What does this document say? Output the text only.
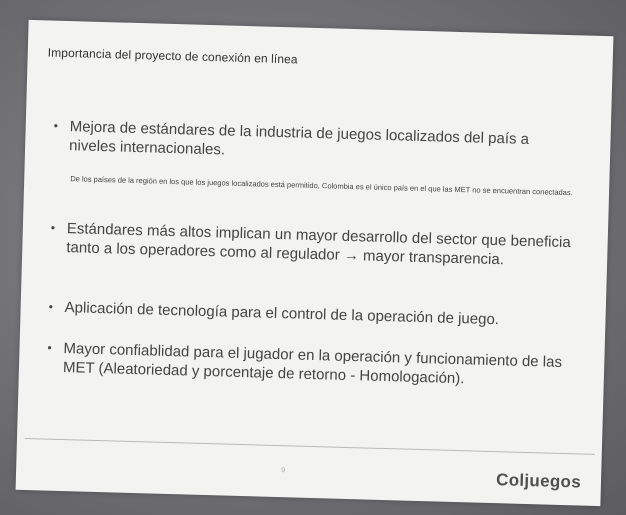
Importancia del proyecto de conexión en línea
• Mejora de estándares de la industria de juegos localizados del país a niveles internacionales.
De los países de la región en los que los juegos localizados está permitido, Colombia es el único país en el que las MET no se encuentran conectadas.
• Estándares más altos implican un mayor desarrollo del sector que beneficia tanto a los operadores como al regulador → mayor transparencia.
• Aplicación de tecnología para el control de la operación de juego.
• Mayor confiablidad para el jugador en la operación y funcionamiento de las MET (Aleatoriedad y porcentaje de retorno - Homologación).
9	Coljuegos
